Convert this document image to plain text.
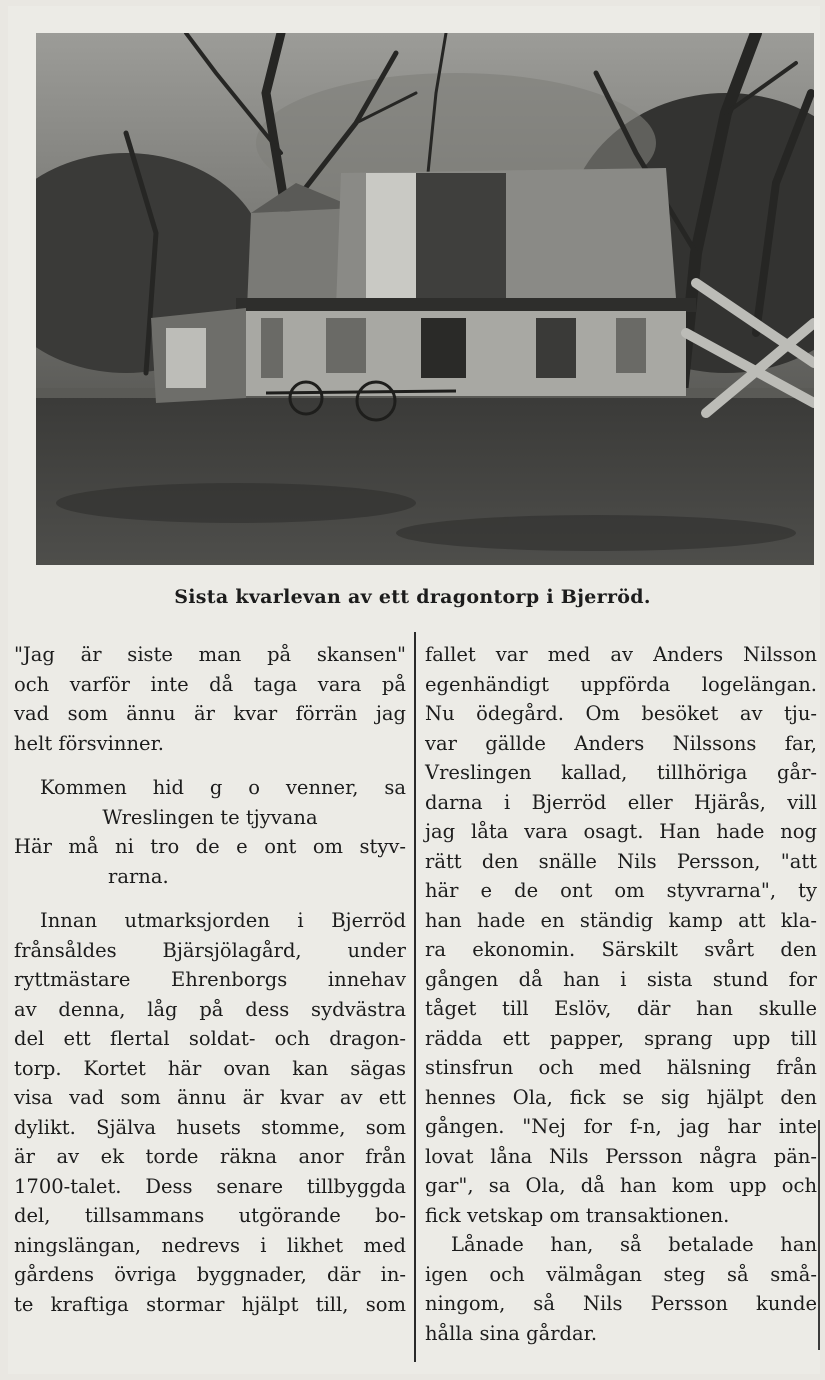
Sista kvarlevan av ett dragontorp i Bjerröd.
"Jag är siste man på skansen"
och varför inte då taga vara på
vad som ännu är kvar förrän jag
helt försvinner.
Kommen hid g o venner, sa
Wreslingen te tjyvana
Här må ni tro de e ont om styv-
rarna.
Innan utmarksjorden i Bjerröd
frånsåldes Bjärsjölagård, under
ryttmästare Ehrenborgs innehav
av denna, låg på dess sydvästra
del ett flertal soldat- och dragon-
torp. Kortet här ovan kan sägas
visa vad som ännu är kvar av ett
dylikt. Själva husets stomme, som
är av ek torde räkna anor från
1700-talet. Dess senare tillbyggda
del, tillsammans utgörande bo-
ningslängan, nedrevs i likhet med
gårdens övriga byggnader, där in-
te kraftiga stormar hjälpt till, som
fallet var med av Anders Nilsson
egenhändigt uppförda logelängan.
Nu ödegård. Om besöket av tju-
var gällde Anders Nilssons far,
Vreslingen kallad, tillhöriga går-
darna i Bjerröd eller Hjärås, vill
jag låta vara osagt. Han hade nog
rätt den snälle Nils Persson, "att
här e de ont om styvrarna", ty
han hade en ständig kamp att kla-
ra ekonomin. Särskilt svårt den
gången då han i sista stund for
tåget till Eslöv, där han skulle
rädda ett papper, sprang upp till
stinsfrun och med hälsning från
hennes Ola, fick se sig hjälpt den
gången. "Nej for f-n, jag har inte
lovat låna Nils Persson några pän-
gar", sa Ola, då han kom upp och
fick vetskap om transaktionen.
Lånade han, så betalade han
igen och välmågan steg så små-
ningom, så Nils Persson kunde
hålla sina gårdar.
